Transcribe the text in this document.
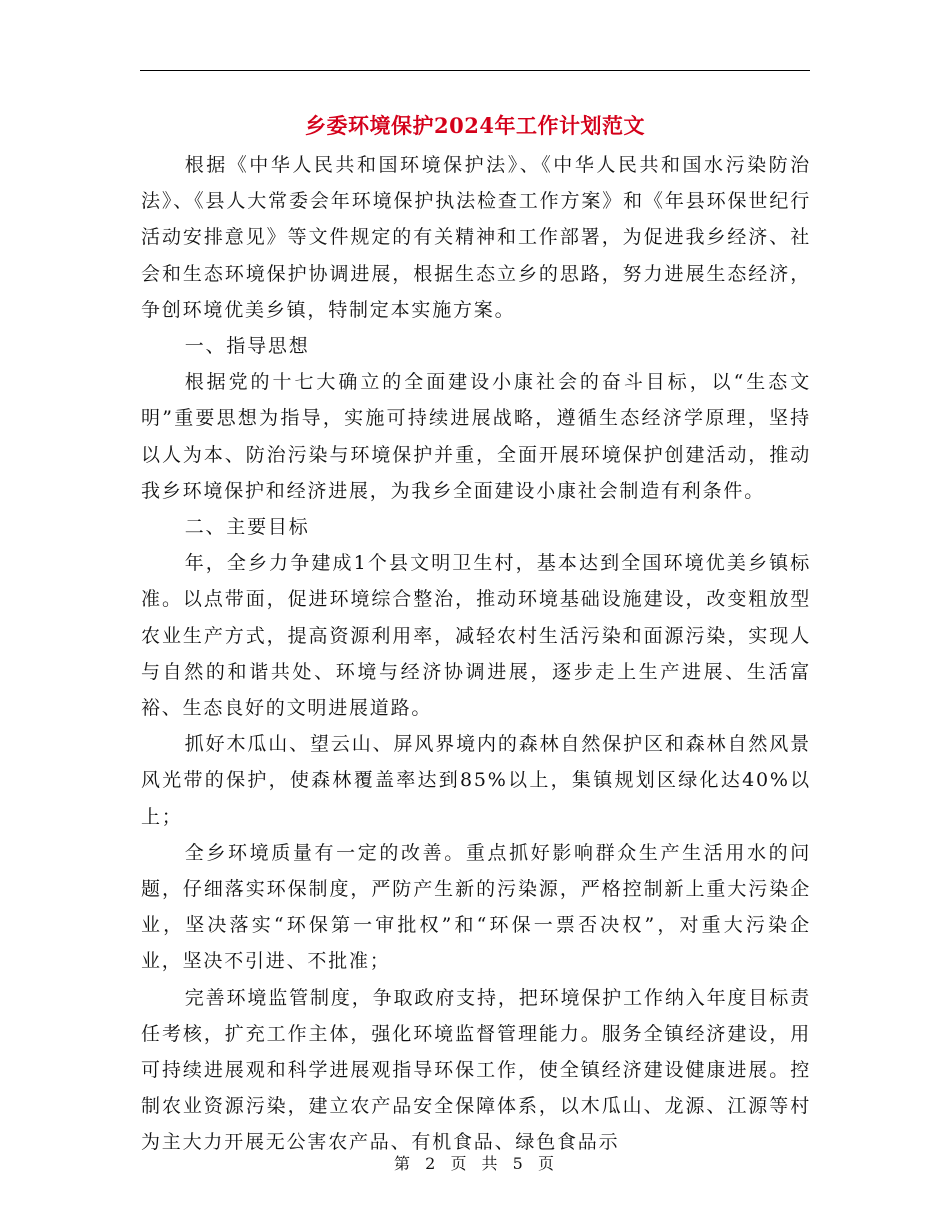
乡委环境保护2024年工作计划范文

根据《中华人民共和国环境保护法》、《中华人民共和国水污染防治法》、《县人大常委会年环境保护执法检查工作方案》和《年县环保世纪行活动安排意见》等文件规定的有关精神和工作部署，为促进我乡经济、社会和生态环境保护协调进展，根据生态立乡的思路，努力进展生态经济，争创环境优美乡镇，特制定本实施方案。

一、指导思想

根据党的十七大确立的全面建设小康社会的奋斗目标，以“生态文明”重要思想为指导，实施可持续进展战略，遵循生态经济学原理，坚持以人为本、防治污染与环境保护并重，全面开展环境保护创建活动，推动我乡环境保护和经济进展，为我乡全面建设小康社会制造有利条件。

二、主要目标

年，全乡力争建成1个县文明卫生村，基本达到全国环境优美乡镇标准。以点带面，促进环境综合整治，推动环境基础设施建设，改变粗放型农业生产方式，提高资源利用率，减轻农村生活污染和面源污染，实现人与自然的和谐共处、环境与经济协调进展，逐步走上生产进展、生活富裕、生态良好的文明进展道路。

抓好木瓜山、望云山、屏风界境内的森林自然保护区和森林自然风景风光带的保护，使森林覆盖率达到85%以上，集镇规划区绿化达40%以上；

全乡环境质量有一定的改善。重点抓好影响群众生产生活用水的问题，仔细落实环保制度，严防产生新的污染源，严格控制新上重大污染企业，坚决落实“环保第一审批权”和“环保一票否决权”，对重大污染企业，坚决不引进、不批准；

完善环境监管制度，争取政府支持，把环境保护工作纳入年度目标责任考核，扩充工作主体，强化环境监督管理能力。服务全镇经济建设，用可持续进展观和科学进展观指导环保工作，使全镇经济建设健康进展。控制农业资源污染，建立农产品安全保障体系，以木瓜山、龙源、江源等村为主大力开展无公害农产品、有机食品、绿色食品示

第 2 页 共 5 页
